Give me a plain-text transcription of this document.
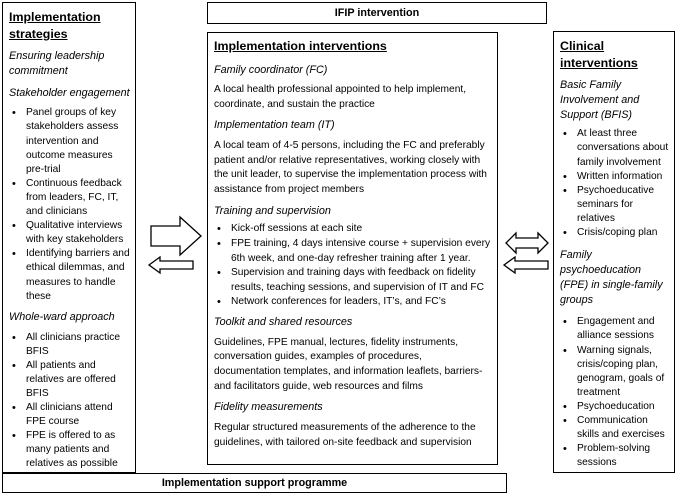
IFIP intervention
Implementation strategies
Ensuring leadership commitment
Stakeholder engagement
• Panel groups of key stakeholders assess intervention and outcome measures pre-trial
• Continuous feedback from leaders, FC, IT, and clinicians
• Qualitative interviews with key stakeholders
• Identifying barriers and ethical dilemmas, and measures to handle these
Whole-ward approach
• All clinicians practice BFIS
• All patients and relatives are offered BFIS
• All clinicians attend FPE course
• FPE is offered to as many patients and relatives as possible
Implementation interventions
Family coordinator (FC)
A local health professional appointed to help implement, coordinate, and sustain the practice
Implementation team (IT)
A local team of 4-5 persons, including the FC and preferably patient and/or relative representatives, working closely with the unit leader, to supervise the implementation process with assistance from project members
Training and supervision
• Kick-off sessions at each site
• FPE training, 4 days intensive course + supervision every 6th week, and one-day refresher training after 1 year.
• Supervision and training days with feedback on fidelity results, teaching sessions, and supervision of IT and FC
• Network conferences for leaders, IT’s, and FC’s
Toolkit and shared resources
Guidelines, FPE manual, lectures, fidelity instruments, conversation guides, examples of procedures, documentation templates, and information leaflets, barriers- and facilitators guide, web resources and films
Fidelity measurements
Regular structured measurements of the adherence to the guidelines, with tailored on-site feedback and supervision
Clinical interventions
Basic Family Involvement and Support (BFIS)
• At least three conversations about family involvement
• Written information
• Psychoeducative seminars for relatives
• Crisis/coping plan
Family psychoeducation (FPE) in single-family groups
• Engagement and alliance sessions
• Warning signals, crisis/coping plan, genogram, goals of treatment
• Psychoeducation
• Communication skills and exercises
• Problem-solving sessions
Implementation support programme
